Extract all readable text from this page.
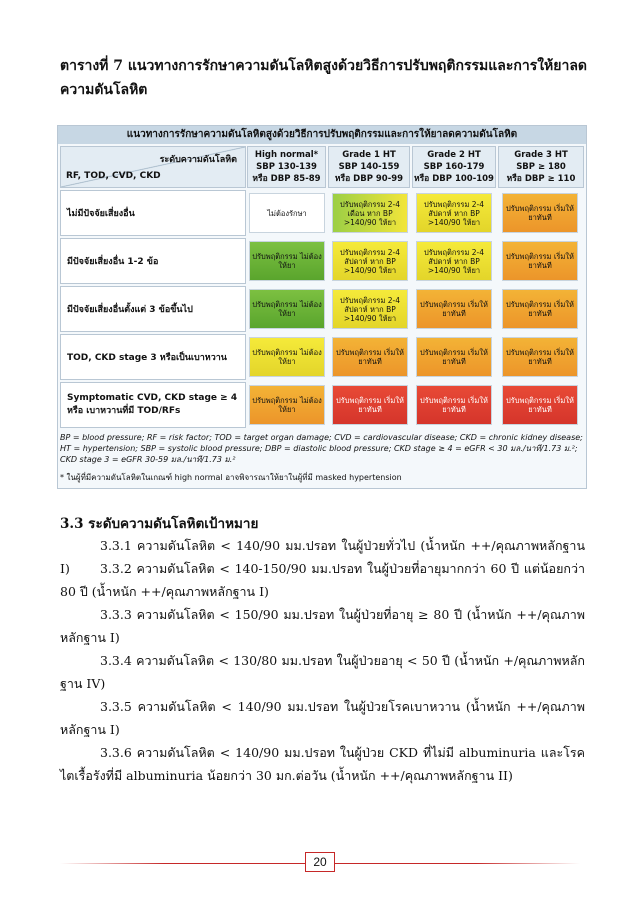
ตารางที่ 7 แนวทางการรักษาความดันโลหิตสูงด้วยวิธีการปรับพฤติกรรมและการให้ยาลดความดันโลหิต
แนวทางการรักษาความดันโลหิตสูงด้วยวิธีการปรับพฤติกรรมและการให้ยาลดความดันโลหิต
ระดับความดันโลหิต
RF, TOD, CVD, CKD
High normal*
SBP 130-139
หรือ DBP 85-89
Grade 1 HT
SBP 140-159
หรือ DBP 90-99
Grade 2 HT
SBP 160-179
หรือ DBP 100-109
Grade 3 HT
SBP ≥ 180
หรือ DBP ≥ 110
ไม่มีปัจจัยเสี่ยงอื่น	ไม่ต้องรักษา
ปรับพฤติกรรม 2-4 เดือน หาก BP >140/90 ให้ยา
ปรับพฤติกรรม 2-4 สัปดาห์ หาก BP >140/90 ให้ยา
ปรับพฤติกรรม เริ่มให้ยาทันที
มีปัจจัยเสี่ยงอื่น 1-2 ข้อ
ปรับพฤติกรรม ไม่ต้องให้ยา
ปรับพฤติกรรม 2-4 สัปดาห์ หาก BP >140/90 ให้ยา
ปรับพฤติกรรม 2-4 สัปดาห์ หาก BP >140/90 ให้ยา
ปรับพฤติกรรม เริ่มให้ยาทันที
มีปัจจัยเสี่ยงอื่นตั้งแต่ 3 ข้อขึ้นไป
ปรับพฤติกรรม ไม่ต้องให้ยา
ปรับพฤติกรรม 2-4 สัปดาห์ หาก BP >140/90 ให้ยา
ปรับพฤติกรรม เริ่มให้ยาทันที
ปรับพฤติกรรม เริ่มให้ยาทันที
TOD, CKD stage 3 หรือเป็นเบาหวาน
ปรับพฤติกรรม ไม่ต้องให้ยา
ปรับพฤติกรรม เริ่มให้ยาทันที
ปรับพฤติกรรม เริ่มให้ยาทันที
ปรับพฤติกรรม เริ่มให้ยาทันที
Symptomatic CVD, CKD stage ≥ 4 หรือ เบาหวานที่มี TOD/RFs
ปรับพฤติกรรม ไม่ต้องให้ยา
ปรับพฤติกรรม เริ่มให้ยาทันที
ปรับพฤติกรรม เริ่มให้ยาทันที
ปรับพฤติกรรม เริ่มให้ยาทันที
BP = blood pressure; RF = risk factor; TOD = target organ damage; CVD = cardiovascular disease; CKD = chronic kidney disease; HT = hypertension; SBP = systolic blood pressure; DBP = diastolic blood pressure; CKD stage ≥ 4 = eGFR < 30 มล./นาที/1.73 ม.²; CKD stage 3 = eGFR 30-59 มล./นาที/1.73 ม.²
* ในผู้ที่มีความดันโลหิตในเกณฑ์ high normal อาจพิจารณาให้ยาในผู้ที่มี masked hypertension
3.3 ระดับความดันโลหิตเป้าหมาย
3.3.1 ความดันโลหิต < 140/90 มม.ปรอท ในผู้ป่วยทั่วไป (น้ำหนัก ++/คุณภาพหลักฐาน I)	3.3.2 ความดันโลหิต < 140-150/90 มม.ปรอท ในผู้ป่วยที่อายุมากกว่า 60 ปี แต่น้อยกว่า 80 ปี (น้ำหนัก ++/คุณภาพหลักฐาน I)
3.3.3 ความดันโลหิต < 150/90 มม.ปรอท ในผู้ป่วยที่อายุ ≥ 80 ปี (น้ำหนัก ++/คุณภาพหลักฐาน I)
3.3.4 ความดันโลหิต < 130/80 มม.ปรอท ในผู้ป่วยอายุ < 50 ปี (น้ำหนัก +/คุณภาพหลักฐาน IV)
3.3.5 ความดันโลหิต < 140/90 มม.ปรอท ในผู้ป่วยโรคเบาหวาน (น้ำหนัก ++/คุณภาพหลักฐาน I)
3.3.6 ความดันโลหิต < 140/90 มม.ปรอท ในผู้ป่วย CKD ที่ไม่มี albuminuria และโรคไตเรื้อรังที่มี albuminuria น้อยกว่า 30 มก.ต่อวัน (น้ำหนัก ++/คุณภาพหลักฐาน II)
20
